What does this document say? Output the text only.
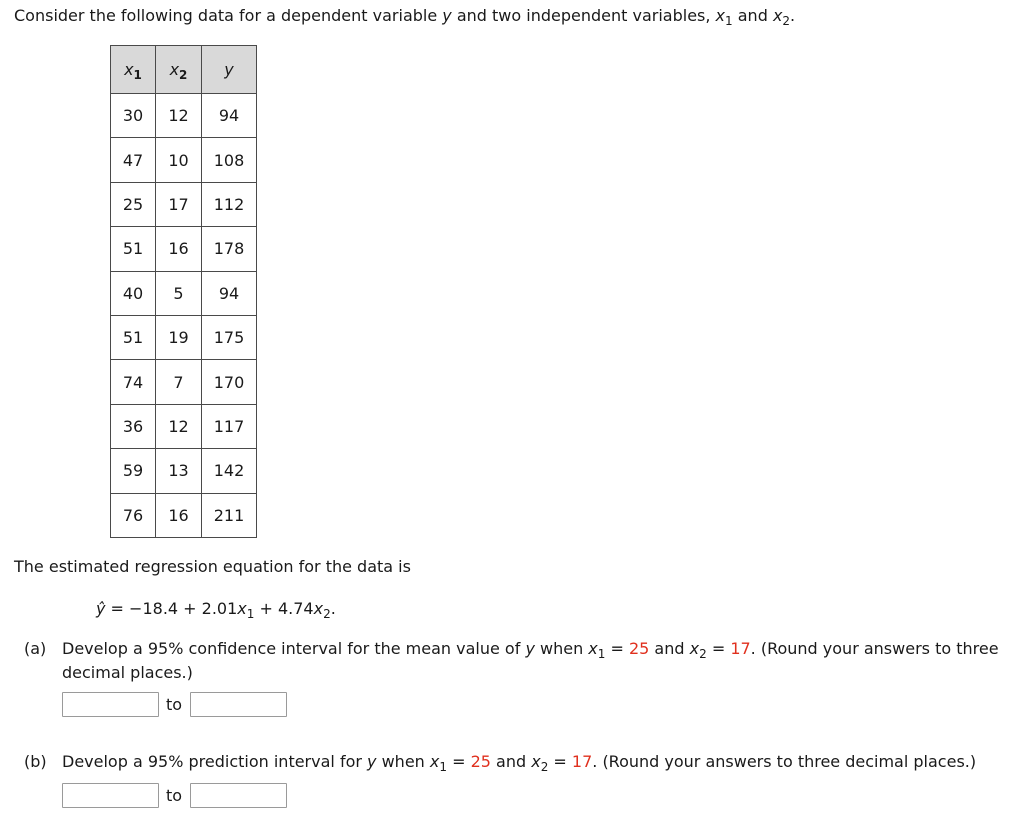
Consider the following data for a dependent variable y and two independent variables, $x_1$ and $x_2$.
$x_1$	$x_2$	y
30	12	94
47	10	108
25	17	112
51	16	178
40	5	94
51	19	175
74	7	170
36	12	117
59	13	142
76	16	211
The estimated regression equation for the data is
ŷ = $-18.4 + 2.01x_1 + 4.74x_2$.
(a) Develop a 95% confidence interval for the mean value of y when $x_1 = 25$ and $x_2 = 17$. (Round your answers to three
decimal places.)
to
(b) Develop a 95% prediction interval for y when $x_1 = 25$ and $x_2 = 17$. (Round your answers to three decimal places.)
to
